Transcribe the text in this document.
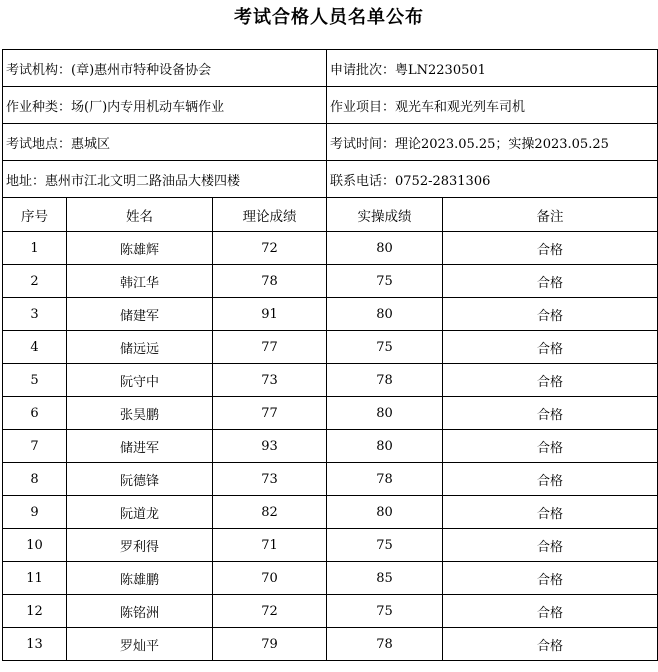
考试合格人员名单公布
考试机构：(章)惠州市特种设备协会			申请批次：粤LN2230501	
作业种类：场(厂)内专用机动车辆作业			作业项目：观光车和观光列车司机	
考试地点：惠城区			考试时间：理论2023.05.25；实操2023.05.25	
地址：惠州市江北文明二路油品大楼四楼			联系电话：0752-2831306	
序号	姓名	理论成绩	实操成绩	备注
1	陈雄辉	72	80	合格
2	韩江华	78	75	合格
3	储建军	91	80	合格
4	储远远	77	75	合格
5	阮守中	73	78	合格
6	张昊鹏	77	80	合格
7	储进军	93	80	合格
8	阮德锋	73	78	合格
9	阮道龙	82	80	合格
10	罗利得	71	75	合格
11	陈雄鹏	70	85	合格
12	陈铭洲	72	75	合格
13	罗灿平	79	78	合格
